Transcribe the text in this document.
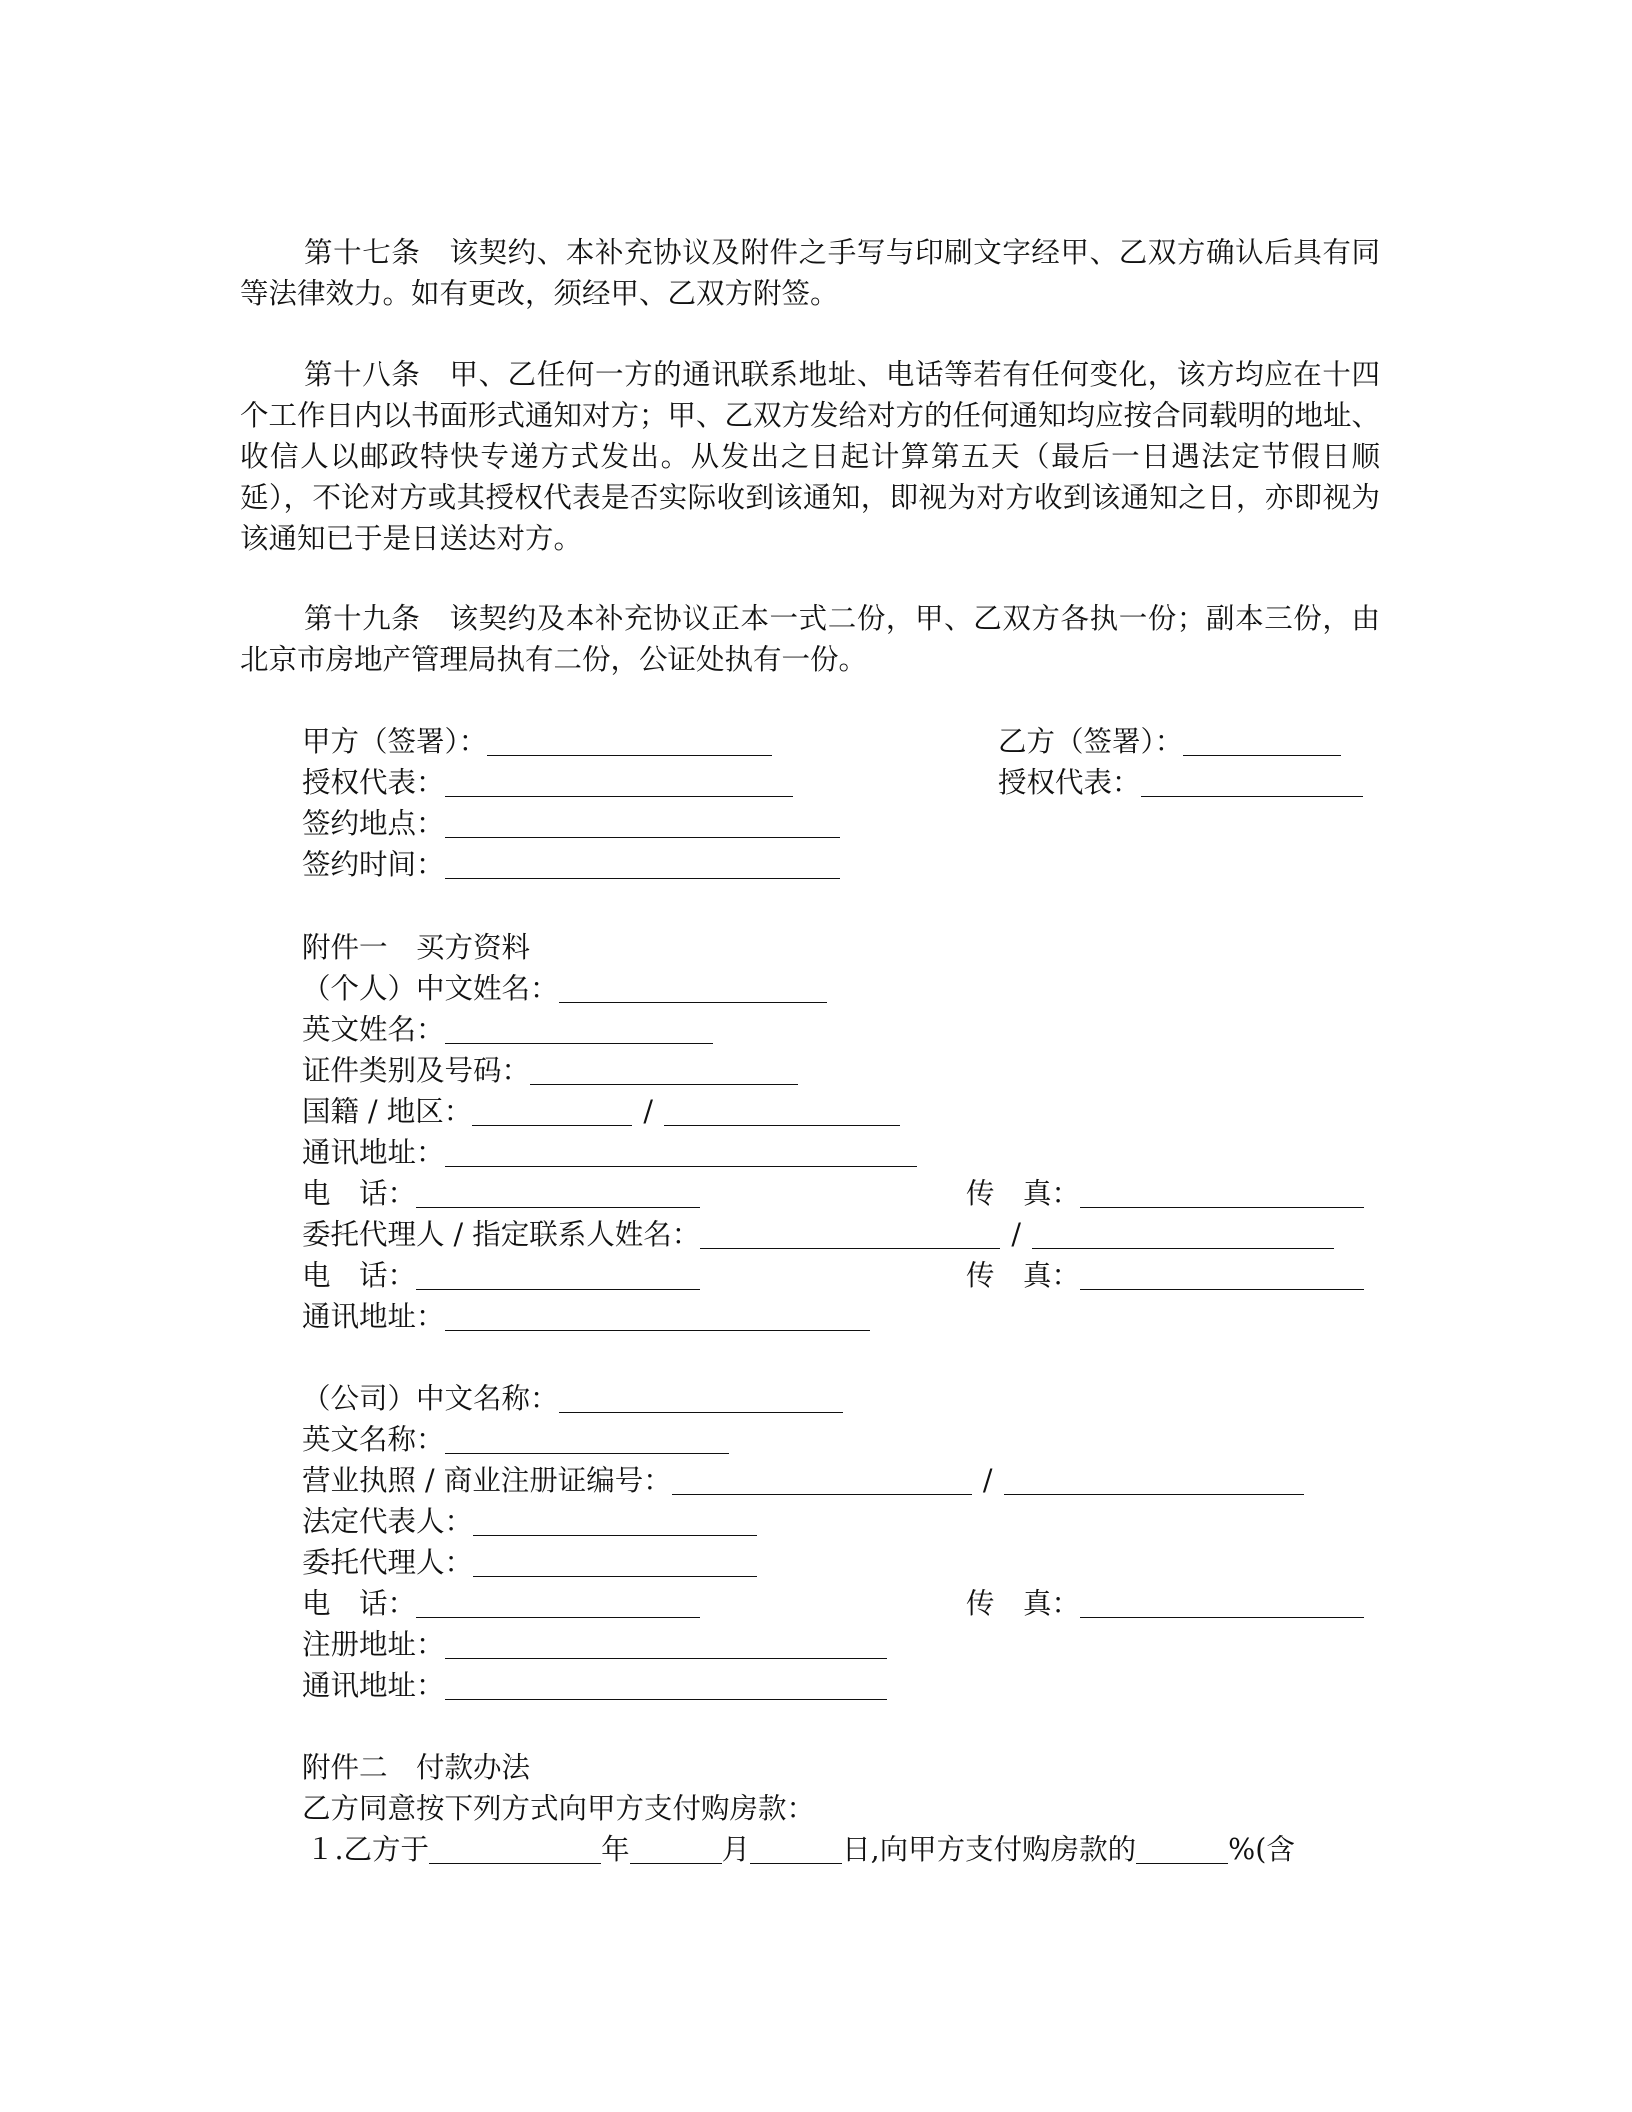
第十七条　该契约、本补充协议及附件之手写与印刷文字经甲、乙双方确认后具有同等法律效力。如有更改，须经甲、乙双方附签。
第十八条　甲、乙任何一方的通讯联系地址、电话等若有任何变化，该方均应在十四个工作日内以书面形式通知对方；甲、乙双方发给对方的任何通知均应按合同载明的地址、收信人以邮政特快专递方式发出。从发出之日起计算第五天（最后一日遇法定节假日顺延），不论对方或其授权代表是否实际收到该通知，即视为对方收到该通知之日，亦即视为该通知已于是日送达对方。
第十九条　该契约及本补充协议正本一式二份，甲、乙双方各执一份；副本三份，由北京市房地产管理局执有二份，公证处执有一份。
甲方（签署）：	乙方（签署）：
授权代表：	授权代表：
签约地点：
签约时间：
附件一　买方资料
（个人）中文姓名：
英文姓名：
证件类别及号码：
国籍 / 地区：	/
通讯地址：
电　话：	传　真：
委托代理人 / 指定联系人姓名：	/
电　话：	传　真：
通讯地址：
（公司）中文名称：
英文名称：
营业执照 / 商业注册证编号：	/
法定代表人：
委托代理人：
电　话：	传　真：
注册地址：
通讯地址：
附件二　付款办法
乙方同意按下列方式向甲方支付购房款：
１.乙方于	年	月	日,向甲方支付购房款的	%(含
